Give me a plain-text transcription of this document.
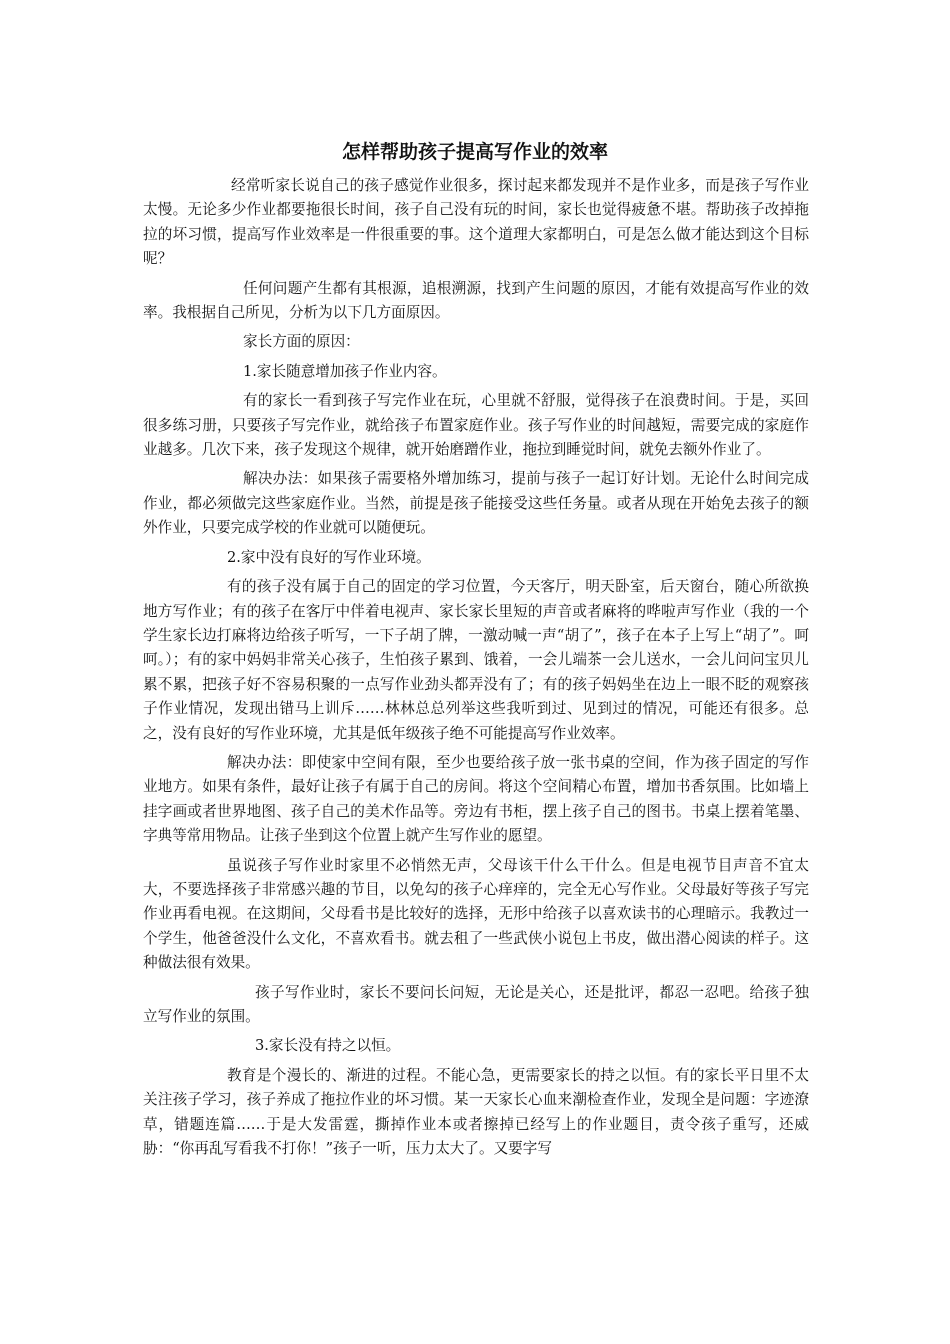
怎样帮助孩子提高写作业的效率

经常听家长说自己的孩子感觉作业很多，探讨起来都发现并不是作业多，而是孩子写作业太慢。无论多少作业都要拖很长时间，孩子自己没有玩的时间，家长也觉得疲惫不堪。帮助孩子改掉拖拉的坏习惯，提高写作业效率是一件很重要的事。这个道理大家都明白，可是怎么做才能达到这个目标呢？

任何问题产生都有其根源，追根溯源，找到产生问题的原因，才能有效提高写作业的效率。我根据自己所见，分析为以下几方面原因。

家长方面的原因：

1.家长随意增加孩子作业内容。

有的家长一看到孩子写完作业在玩，心里就不舒服，觉得孩子在浪费时间。于是，买回很多练习册，只要孩子写完作业，就给孩子布置家庭作业。孩子写作业的时间越短，需要完成的家庭作业越多。几次下来，孩子发现这个规律，就开始磨蹭作业，拖拉到睡觉时间，就免去额外作业了。

解决办法：如果孩子需要格外增加练习，提前与孩子一起订好计划。无论什么时间完成作业，都必须做完这些家庭作业。当然，前提是孩子能接受这些任务量。或者从现在开始免去孩子的额外作业，只要完成学校的作业就可以随便玩。

2.家中没有良好的写作业环境。

有的孩子没有属于自己的固定的学习位置，今天客厅，明天卧室，后天窗台，随心所欲换地方写作业；有的孩子在客厅中伴着电视声、家长家长里短的声音或者麻将的哗啦声写作业（我的一个学生家长边打麻将边给孩子听写，一下子胡了牌，一激动喊一声“胡了”，孩子在本子上写上“胡了”。呵呵。）；有的家中妈妈非常关心孩子，生怕孩子累到、饿着，一会儿端茶一会儿送水，一会儿问问宝贝儿累不累，把孩子好不容易积聚的一点写作业劲头都弄没有了；有的孩子妈妈坐在边上一眼不眨的观察孩子作业情况，发现出错马上训斥……林林总总列举这些我听到过、见到过的情况，可能还有很多。总之，没有良好的写作业环境，尤其是低年级孩子绝不可能提高写作业效率。

解决办法：即使家中空间有限，至少也要给孩子放一张书桌的空间，作为孩子固定的写作业地方。如果有条件，最好让孩子有属于自己的房间。将这个空间精心布置，增加书香氛围。比如墙上挂字画或者世界地图、孩子自己的美术作品等。旁边有书柜，摆上孩子自己的图书。书桌上摆着笔墨、字典等常用物品。让孩子坐到这个位置上就产生写作业的愿望。

虽说孩子写作业时家里不必悄然无声，父母该干什么干什么。但是电视节目声音不宜太大，不要选择孩子非常感兴趣的节目，以免勾的孩子心痒痒的，完全无心写作业。父母最好等孩子写完作业再看电视。在这期间，父母看书是比较好的选择，无形中给孩子以喜欢读书的心理暗示。我教过一个学生，他爸爸没什么文化，不喜欢看书。就去租了一些武侠小说包上书皮，做出潜心阅读的样子。这种做法很有效果。

孩子写作业时，家长不要问长问短，无论是关心，还是批评，都忍一忍吧。给孩子独立写作业的氛围。

3.家长没有持之以恒。

教育是个漫长的、渐进的过程。不能心急，更需要家长的持之以恒。有的家长平日里不太关注孩子学习，孩子养成了拖拉作业的坏习惯。某一天家长心血来潮检查作业，发现全是问题：字迹潦草，错题连篇……于是大发雷霆，撕掉作业本或者擦掉已经写上的作业题目，责令孩子重写，还威胁：“你再乱写看我不打你！”孩子一听，压力太大了。又要字写
